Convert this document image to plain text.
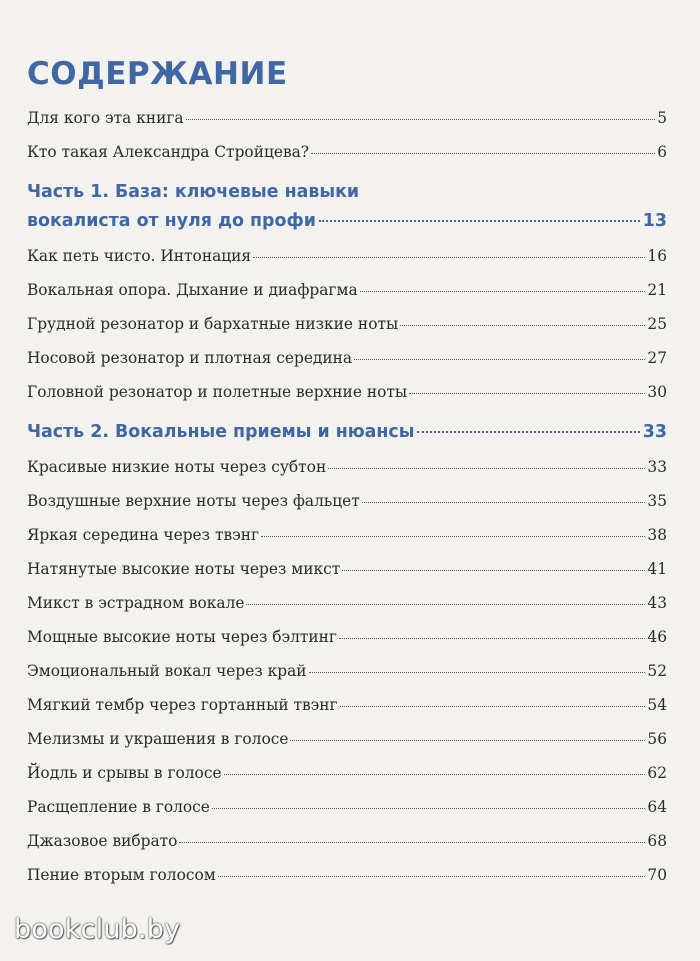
СОДЕРЖАНИЕ
Для кого эта книга	5
Кто такая Александра Стройцева?	6
Часть 1. База: ключевые навыки
вокалиста от нуля до профи	13
Как петь чисто. Интонация	16
Вокальная опора. Дыхание и диафрагма	21
Грудной резонатор и бархатные низкие ноты	25
Носовой резонатор и плотная середина	27
Головной резонатор и полетные верхние ноты	30
Часть 2. Вокальные приемы и нюансы	33
Красивые низкие ноты через субтон	33
Воздушные верхние ноты через фальцет	35
Яркая середина через твэнг	38
Натянутые высокие ноты через микст	41
Микст в эстрадном вокале	43
Мощные высокие ноты через бэлтинг	46
Эмоциональный вокал через край	52
Мягкий тембр через гортанный твэнг	54
Мелизмы и украшения в голосе	56
Йодль и срывы в голосе	62
Расщепление в голосе	64
Джазовое вибрато	68
Пение вторым голосом	70
bookclub.by
